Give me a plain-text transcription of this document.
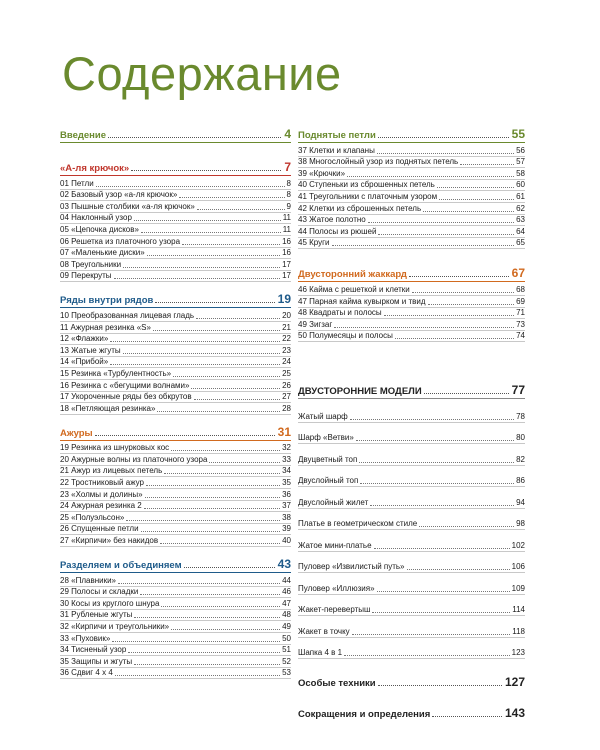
Содержание
Введение	4
«А-ля крючок»	7
01 Петли	8
02 Базовый узор «а-ля крючок»	8
03 Пышные столбики «а-ля крючок»	9
04 Наклонный узор	11
05 «Цепочка дисков»	11
06 Решетка из платочного узора	16
07 «Маленькие диски»	16
08 Треугольники	17
09 Перекруты	17
Ряды внутри рядов	19
10 Преобразованная лицевая гладь	20
11 Ажурная резинка «S»	21
12 «Флажки»	22
13 Жатые жгуты	23
14 «Прибой»	24
15 Резинка «Турбулентность»	25
16 Резинка с «бегущими волнами»	26
17 Укороченные ряды без обкрутов	27
18 «Петляющая резинка»	28
Ажуры	31
19 Резинка из шнурковых кос	32
20 Ажурные волны из платочного узора	33
21 Ажур из лицевых петель	34
22 Тростниковый ажур	35
23 «Холмы и долины»	36
24 Ажурная резинка 2	37
25 «Полуэльсон»	38
26 Спущенные петли	39
27 «Кирпичи» без накидов	40
Разделяем и объединяем	43
28 «Плавники»	44
29 Полосы и складки	46
30 Косы из круглого шнура	47
31 Рубленые жгуты	48
32 «Кирпичи и треугольники»	49
33 «Пуховик»	50
34 Тисненый узор	51
35 Защипы и жгуты	52
36 Сдвиг 4 х 4	53
Поднятые петли	55
37 Клетки и клапаны	56
38 Многослойный узор из поднятых петель	57
39 «Крючки»	58
40 Ступеньки из сброшенных петель	60
41 Треугольники с платочным узором	61
42 Клетки из сброшенных петель	62
43 Жатое полотно	63
44 Полосы из рюшей	64
45 Круги	65
Двусторонний жаккард	67
46 Кайма с решеткой и клетки	68
47 Парная кайма кувырком и твид	69
48 Квадраты и полосы	71
49 Зигзаг	73
50 Полумесяцы и полосы	74
ДВУСТОРОННИЕ МОДЕЛИ	77
Жатый шарф	78
Шарф «Ветви»	80
Двуцветный топ	82
Двуслойный топ	86
Двуслойный жилет	94
Платье в геометрическом стиле	98
Жатое мини-платье	102
Пуловер «Извилистый путь»	106
Пуловер «Иллюзия»	109
Жакет-перевертыш	114
Жакет в точку	118
Шапка 4 в 1	123
Особые техники	127
Сокращения и определения	143
